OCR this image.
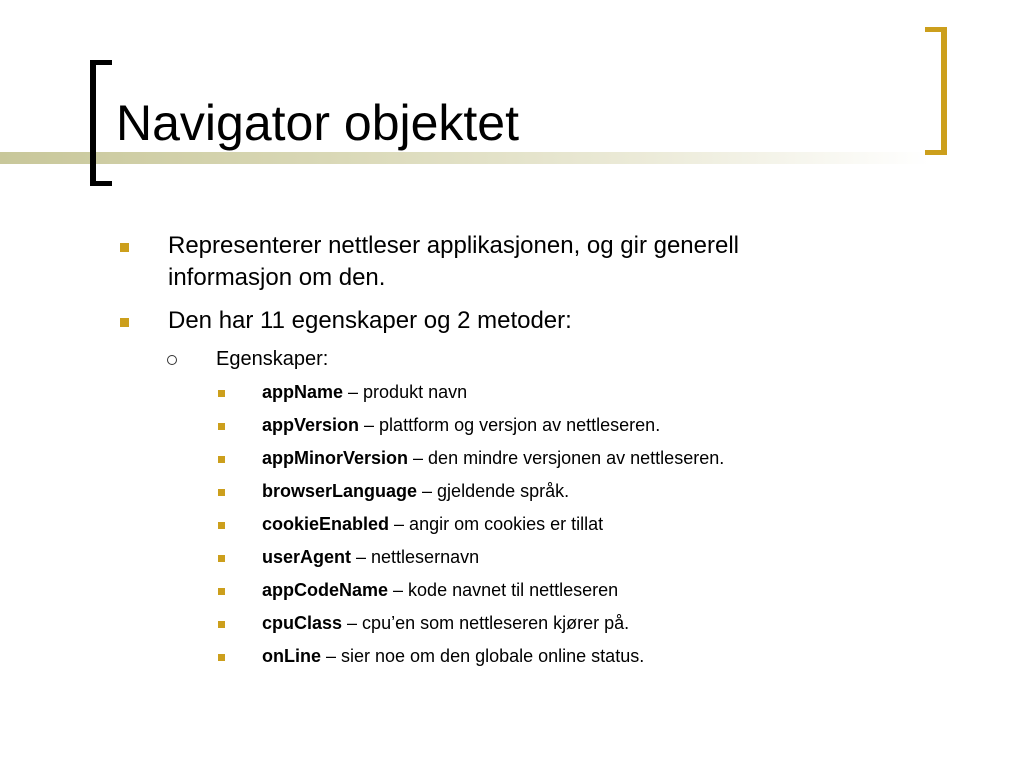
Navigator objektet

Representerer nettleser applikasjonen, og gir generell informasjon om den.

Den har 11 egenskaper og 2 metoder:

Egenskaper:

appName – produkt navn

appVersion – plattform og versjon av nettleseren.

appMinorVersion – den mindre versjonen av nettleseren.

browserLanguage – gjeldende språk.

cookieEnabled – angir om cookies er tillat

userAgent – nettlesernavn

appCodeName – kode navnet til nettleseren

cpuClass – cpu’en som nettleseren kjører på.

onLine – sier noe om den globale online status.
